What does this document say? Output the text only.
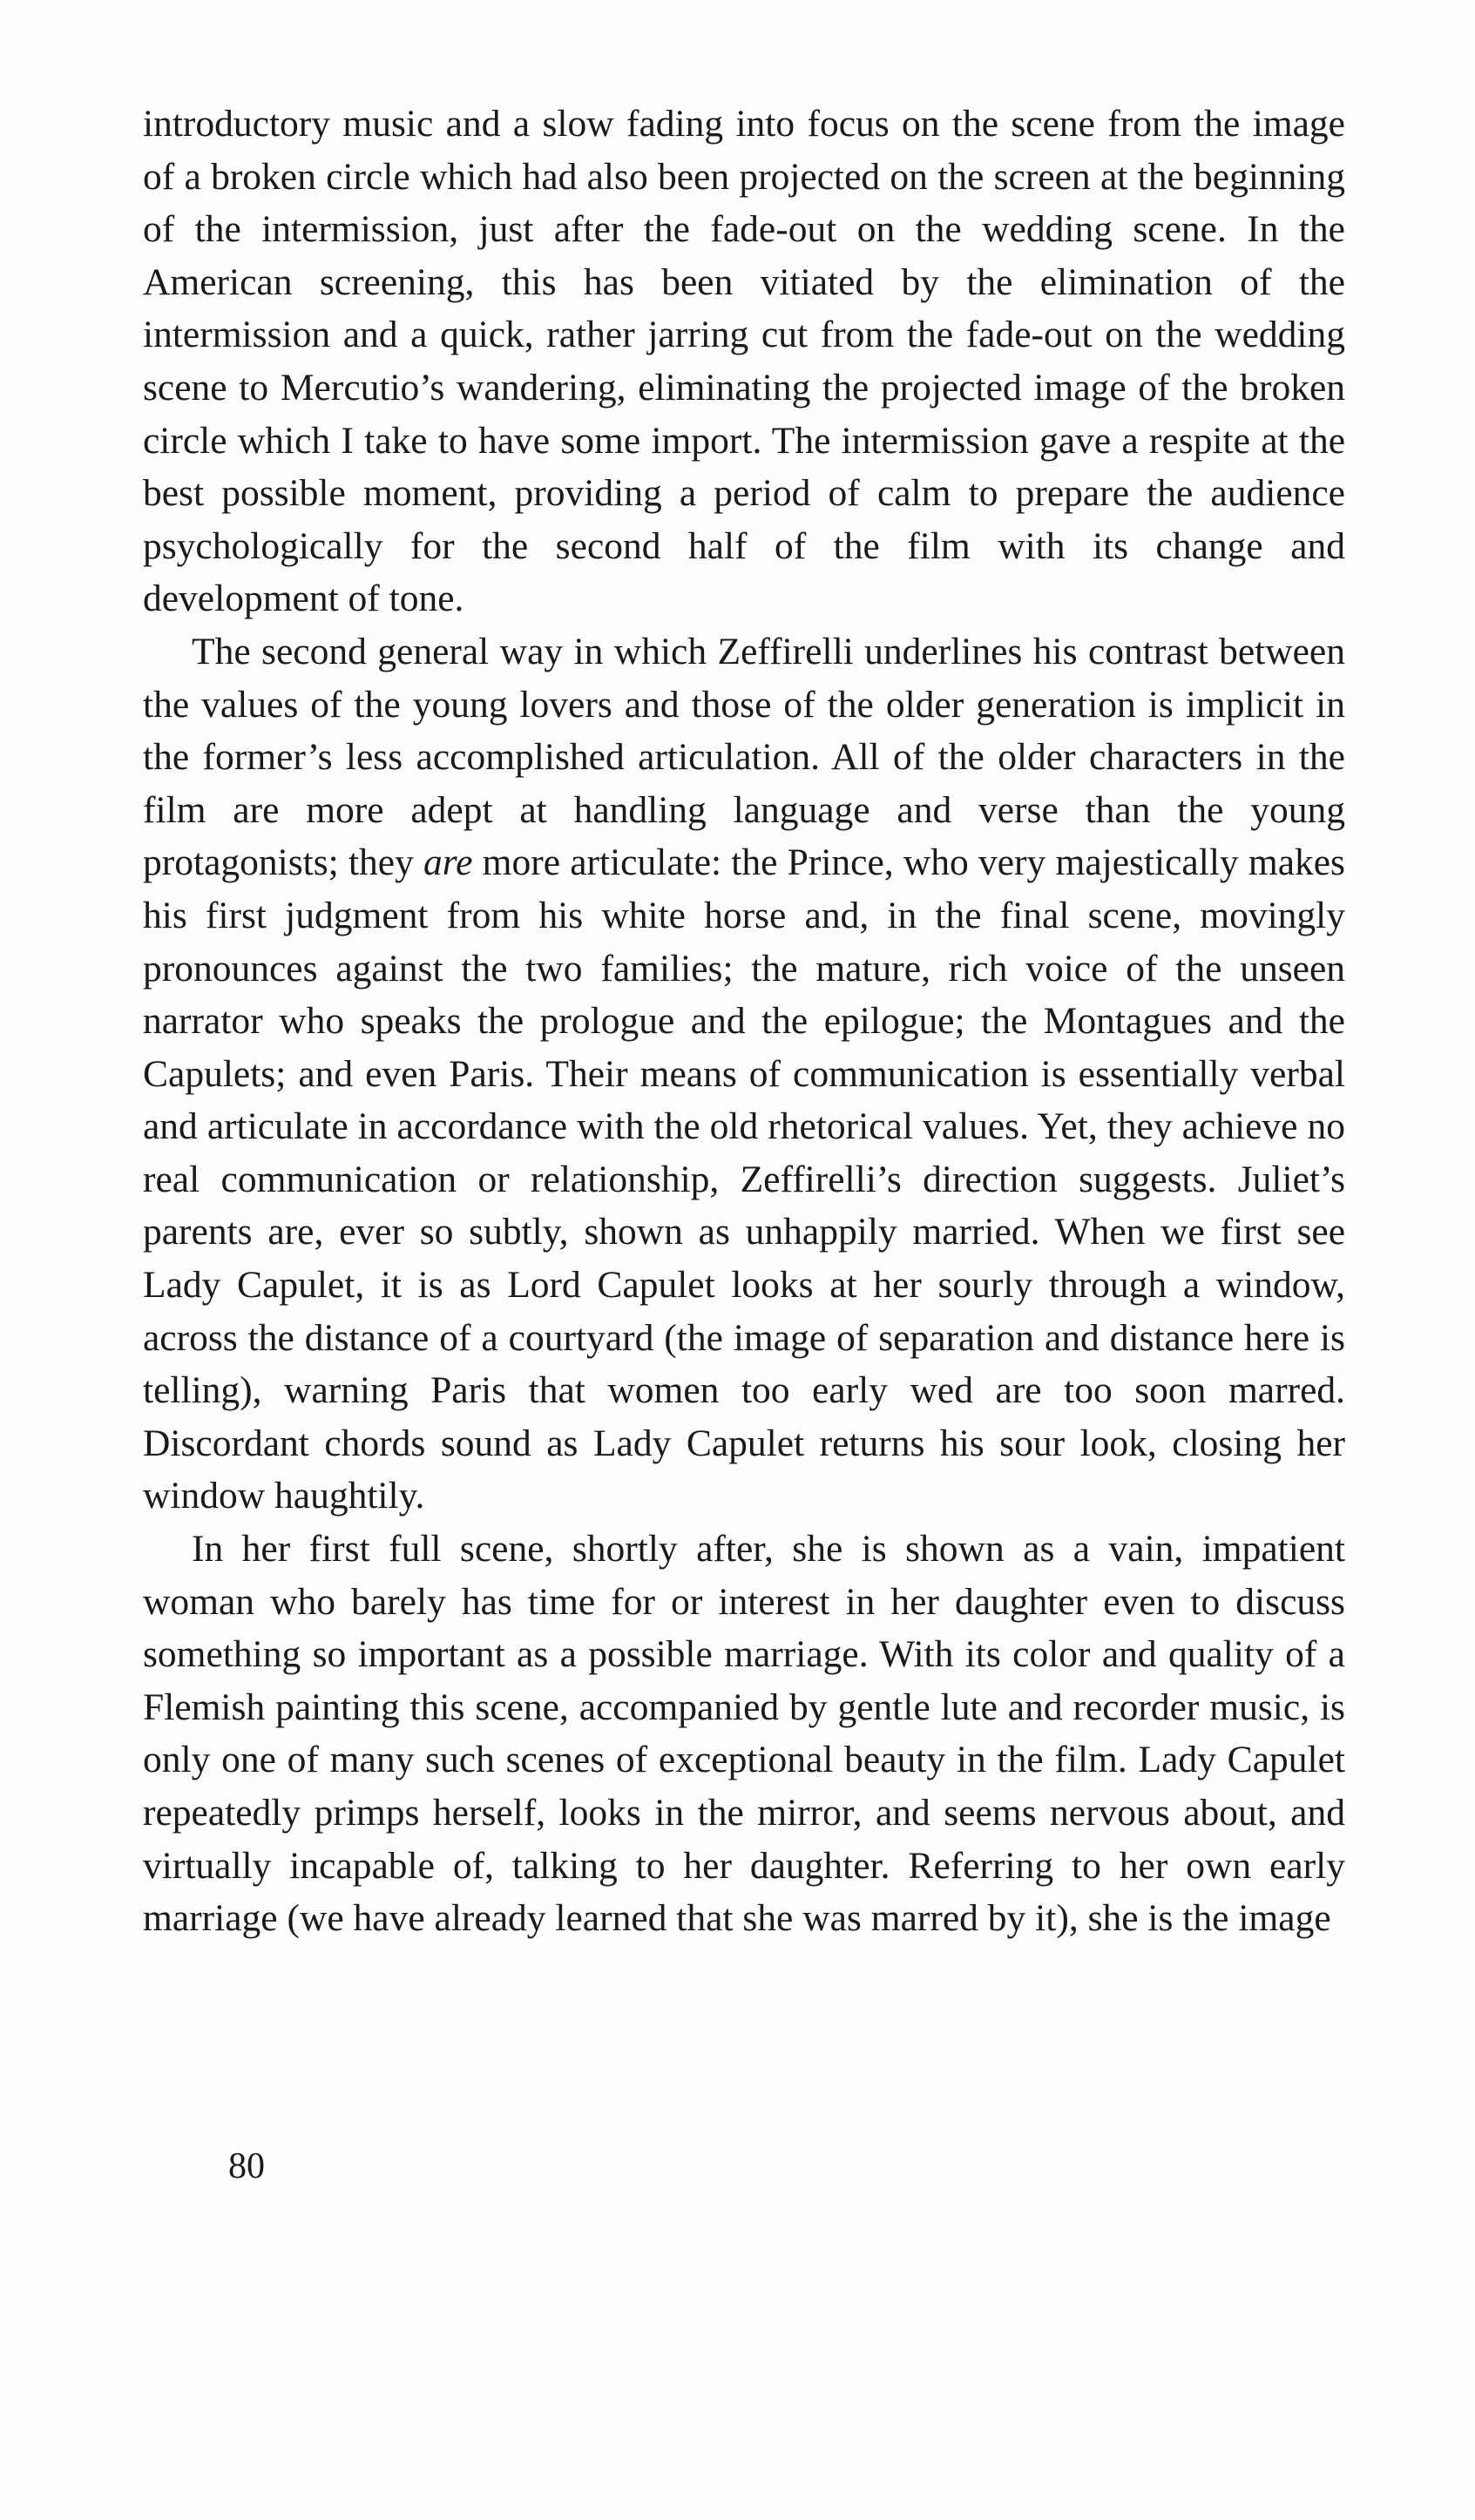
introductory music and a slow fading into focus on the scene from the image of a broken circle which had also been projected on the screen at the beginning of the intermission, just after the fade-out on the wedding scene. In the American screening, this has been vitiated by the elimination of the intermission and a quick, rather jarring cut from the fade-out on the wedding scene to Mercutio’s wandering, eliminating the projected image of the broken circle which I take to have some import. The intermission gave a respite at the best possible moment, providing a period of calm to prepare the audience psychologically for the second half of the film with its change and development of tone.

The second general way in which Zeffirelli underlines his contrast between the values of the young lovers and those of the older generation is implicit in the former’s less accomplished articulation. All of the older characters in the film are more adept at handling language and verse than the young protagonists; they are more articulate: the Prince, who very majestically makes his first judgment from his white horse and, in the final scene, movingly pronounces against the two families; the mature, rich voice of the unseen narrator who speaks the prologue and the epilogue; the Montagues and the Capulets; and even Paris. Their means of communication is essentially verbal and articulate in accordance with the old rhetorical values. Yet, they achieve no real communication or relationship, Zeffirelli’s direction suggests. Juliet’s parents are, ever so subtly, shown as unhappily married. When we first see Lady Capulet, it is as Lord Capulet looks at her sourly through a window, across the distance of a courtyard (the image of separation and distance here is telling), warning Paris that women too early wed are too soon marred. Discordant chords sound as Lady Capulet returns his sour look, closing her window haughtily.

In her first full scene, shortly after, she is shown as a vain, impatient woman who barely has time for or interest in her daughter even to discuss something so important as a possible marriage. With its color and quality of a Flemish painting this scene, accompanied by gentle lute and recorder music, is only one of many such scenes of exceptional beauty in the film. Lady Capulet repeatedly primps herself, looks in the mirror, and seems nervous about, and virtually incapable of, talking to her daughter. Referring to her own early marriage (we have already learned that she was marred by it), she is the image

80
